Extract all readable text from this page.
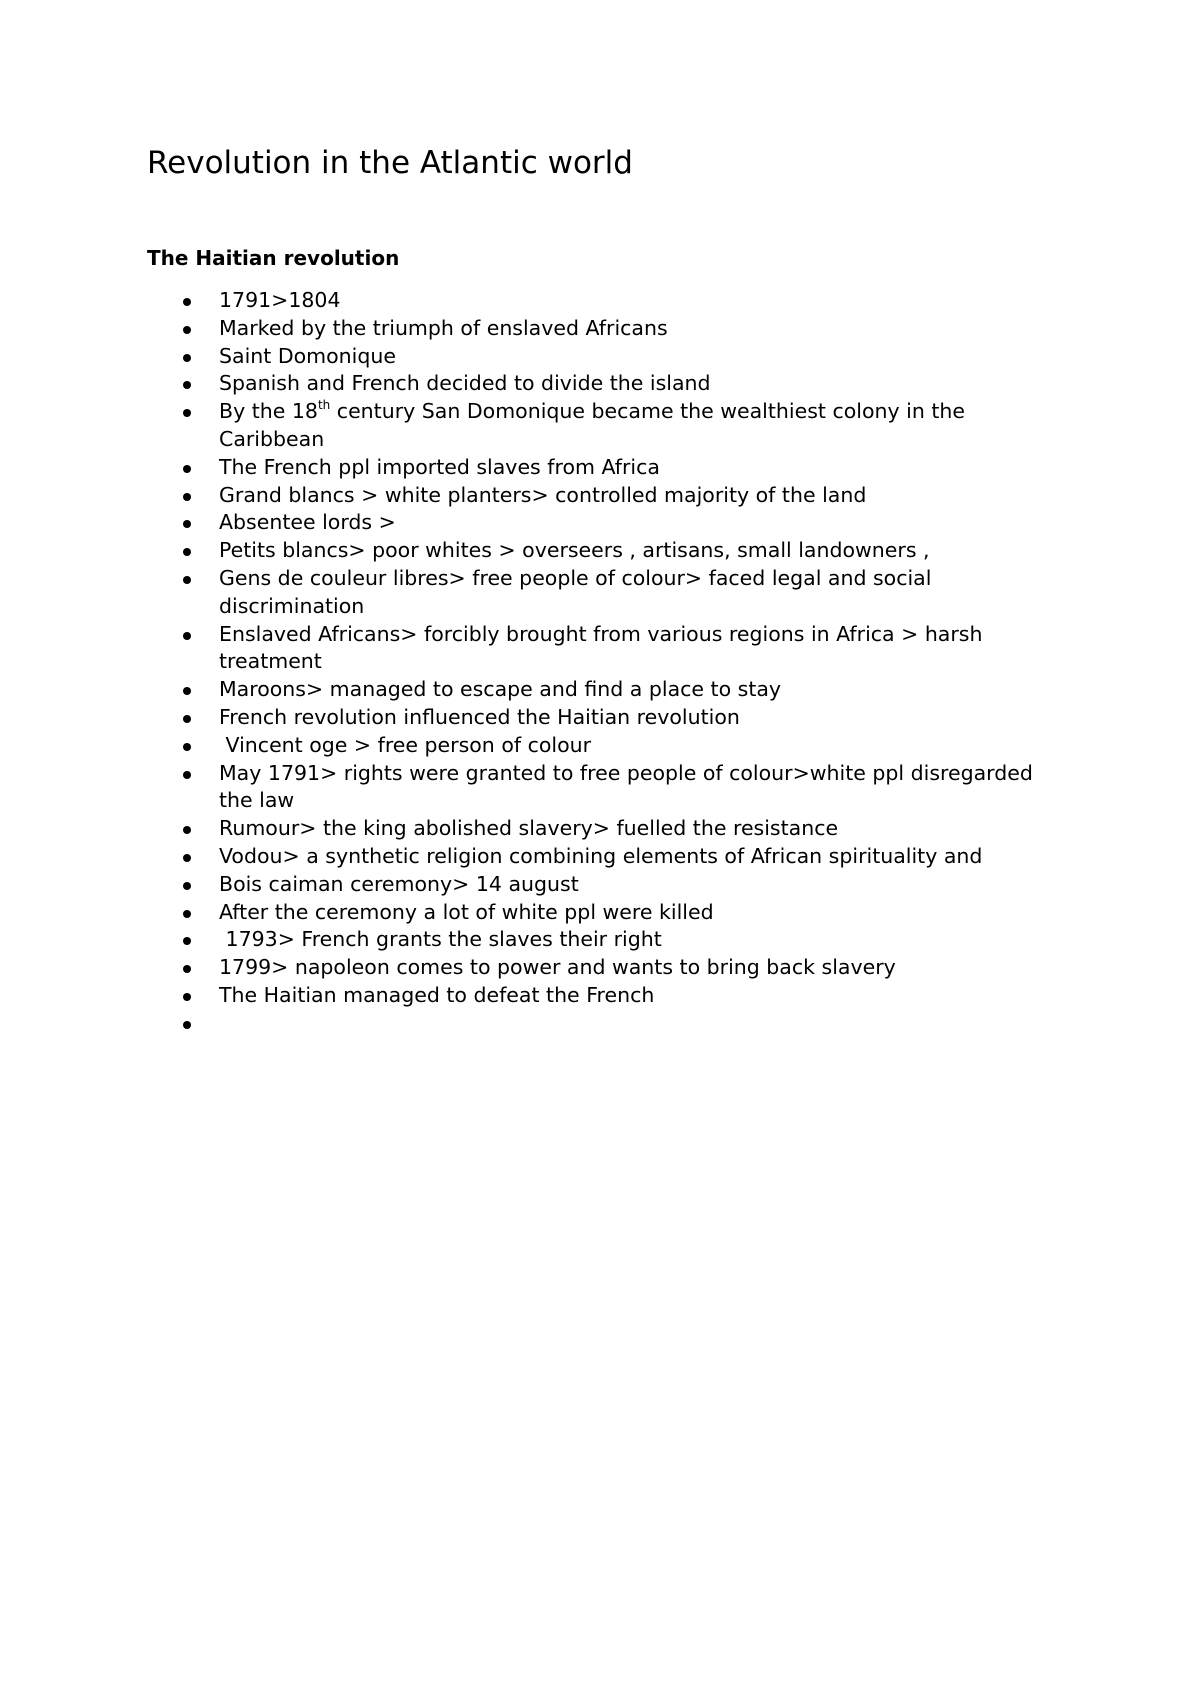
Revolution in the Atlantic world
The Haitian revolution
1791>1804
Marked by the triumph of enslaved Africans
Saint Domonique
Spanish and French decided to divide the island
By the 18th century San Domonique became the wealthiest colony in the Caribbean
The French ppl imported slaves from Africa
Grand blancs > white planters> controlled majority of the land
Absentee lords >
Petits blancs> poor whites > overseers , artisans, small landowners ,
Gens de couleur libres> free people of colour> faced legal and social discrimination
Enslaved Africans> forcibly brought from various regions in Africa > harsh treatment
Maroons> managed to escape and find a place to stay
French revolution influenced the Haitian revolution
Vincent oge > free person of colour
May 1791> rights were granted to free people of colour>white ppl disregarded the law
Rumour> the king abolished slavery> fuelled the resistance
Vodou> a synthetic religion combining elements of African spirituality and
Bois caiman ceremony> 14 august
After the ceremony a lot of white ppl were killed
1793> French grants the slaves their right
1799> napoleon comes to power and wants to bring back slavery
The Haitian managed to defeat the French
